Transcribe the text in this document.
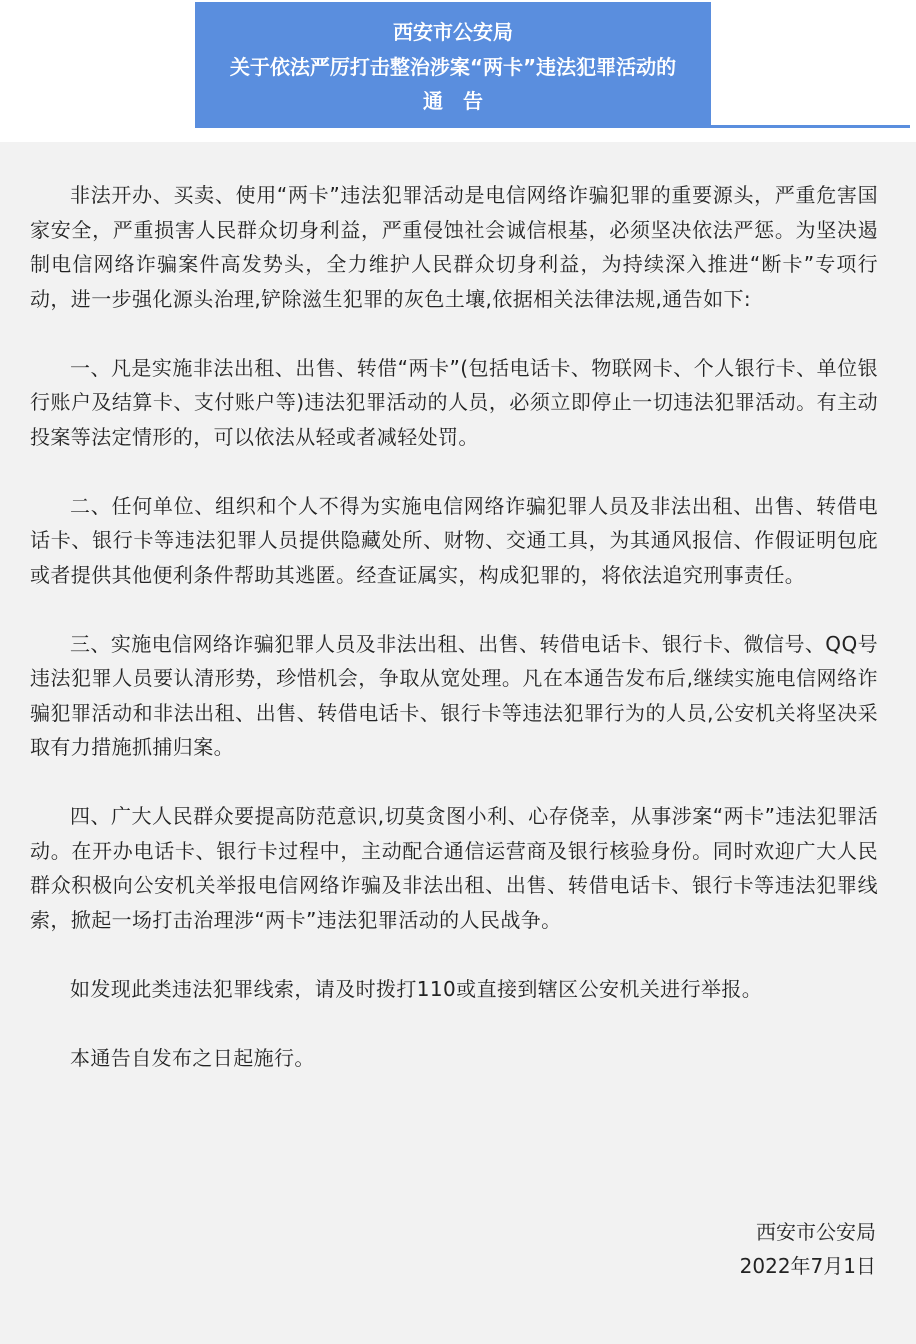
西安市公安局
关于依法严厉打击整治涉案“两卡”违法犯罪活动的
通　告

非法开办、买卖、使用“两卡”违法犯罪活动是电信网络诈骗犯罪的重要源头，严重危害国家安全，严重损害人民群众切身利益，严重侵蚀社会诚信根基，必须坚决依法严惩。为坚决遏制电信网络诈骗案件高发势头，全力维护人民群众切身利益，为持续深入推进“断卡”专项行动，进一步强化源头治理,铲除滋生犯罪的灰色土壤,依据相关法律法规,通告如下:

一、凡是实施非法出租、出售、转借“两卡”(包括电话卡、物联网卡、个人银行卡、单位银行账户及结算卡、支付账户等)违法犯罪活动的人员，必须立即停止一切违法犯罪活动。有主动投案等法定情形的，可以依法从轻或者减轻处罚。

二、任何单位、组织和个人不得为实施电信网络诈骗犯罪人员及非法出租、出售、转借电话卡、银行卡等违法犯罪人员提供隐藏处所、财物、交通工具，为其通风报信、作假证明包庇或者提供其他便利条件帮助其逃匿。经查证属实，构成犯罪的，将依法追究刑事责任。

三、实施电信网络诈骗犯罪人员及非法出租、出售、转借电话卡、银行卡、微信号、QQ号违法犯罪人员要认清形势，珍惜机会，争取从宽处理。凡在本通告发布后,继续实施电信网络诈骗犯罪活动和非法出租、出售、转借电话卡、银行卡等违法犯罪行为的人员,公安机关将坚决采取有力措施抓捕归案。

四、广大人民群众要提高防范意识,切莫贪图小利、心存侥幸，从事涉案“两卡”违法犯罪活动。在开办电话卡、银行卡过程中，主动配合通信运营商及银行核验身份。同时欢迎广大人民群众积极向公安机关举报电信网络诈骗及非法出租、出售、转借电话卡、银行卡等违法犯罪线索，掀起一场打击治理涉“两卡”违法犯罪活动的人民战争。

如发现此类违法犯罪线索，请及时拨打110或直接到辖区公安机关进行举报。

本通告自发布之日起施行。

西安市公安局
2022年7月1日
